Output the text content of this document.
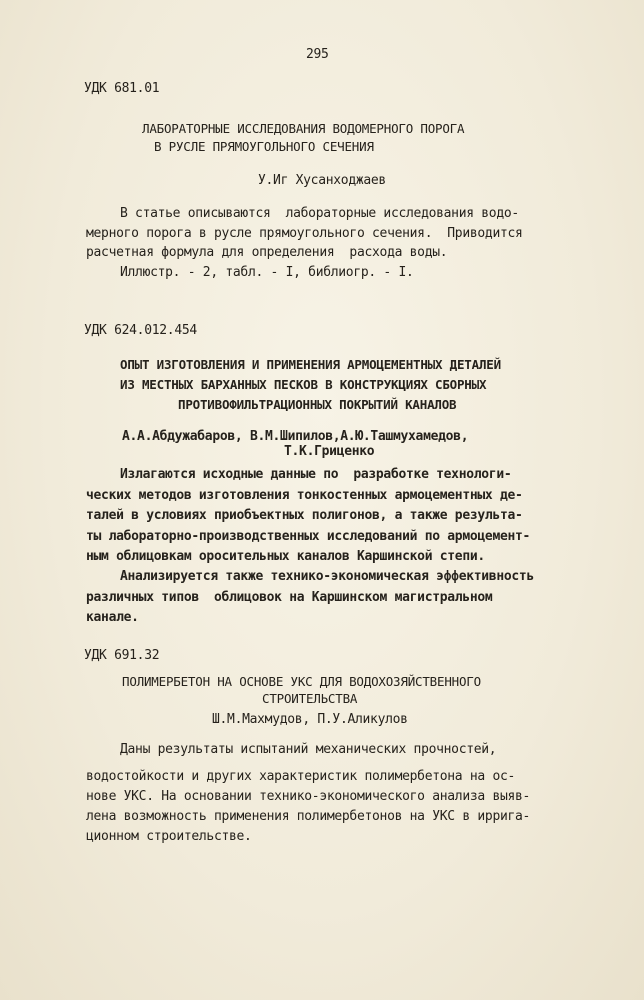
295
УДК 681.01
ЛАБОРАТОРНЫЕ ИССЛЕДОВАНИЯ ВОДОМЕРНОГО ПОРОГА
В РУСЛЕ ПРЯМОУГОЛЬНОГО СЕЧЕНИЯ
У.Иг Хусанходжаев
В статье описываются  лабораторные исследования водо-
мерного порога в русле прямоугольного сечения.  Приводится
расчетная формула для определения  расхода воды.
Иллюстр. - 2, табл. - I, библиогр. - I.
УДК 624.012.454
ОПЫТ ИЗГОТОВЛЕНИЯ И ПРИМЕНЕНИЯ АРМОЦЕМЕНТНЫХ ДЕТАЛЕЙ
ИЗ МЕСТНЫХ БАРХАННЫХ ПЕСКОВ В КОНСТРУКЦИЯХ СБОРНЫХ
ПРОТИВОФИЛЬТРАЦИОННЫХ ПОКРЫТИЙ КАНАЛОВ
А.А.Абдужабаров, В.М.Шипилов,А.Ю.Ташмухамедов,
Т.К.Гриценко
Излагаются исходные данные по  разработке технологи-
ческих методов изготовления тонкостенных армоцементных де-
талей в условиях приобъектных полигонов, а также результа-
ты лабораторно-производственных исследований по армоцемент-
ным облицовкам оросительных каналов Каршинской степи.
Анализируется также технико-экономическая эффективность
различных типов  облицовок на Каршинском магистральном
канале.
УДК 691.32
ПОЛИМЕРБЕТОН НА ОСНОВЕ УКС ДЛЯ ВОДОХОЗЯЙСТВЕННОГО
СТРОИТЕЛЬСТВА
Ш.М.Махмудов, П.У.Аликулов
Даны результаты испытаний механических прочностей,
водостойкости и других характеристик полимербетона на ос-
нове УКС. На основании технико-экономического анализа выяв-
лена возможность применения полимербетонов на УКС в иррига-
ционном строительстве.
